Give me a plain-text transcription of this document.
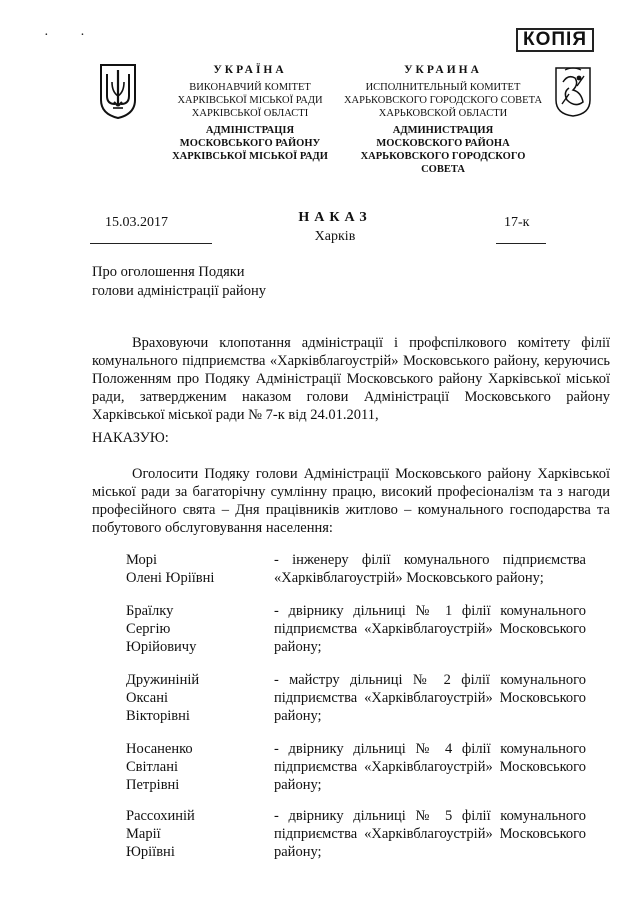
· ·	КОПІЯ
УКРАЇНА
ВИКОНАВЧИЙ КОМІТЕТ
ХАРКІВСЬКОЇ МІСЬКОЇ РАДИ
ХАРКІВСЬКОЇ ОБЛАСТІ
АДМІНІСТРАЦІЯ
МОСКОВСЬКОГО РАЙОНУ
ХАРКІВСЬКОЇ МІСЬКОЇ РАДИ
УКРАИНА
ИСПОЛНИТЕЛЬНЫЙ КОМИТЕТ
ХАРЬКОВСКОГО ГОРОДСКОГО СОВЕТА
ХАРЬКОВСКОЙ ОБЛАСТИ
АДМИНИСТРАЦИЯ
МОСКОВСКОГО РАЙОНА
ХАРЬКОВСКОГО ГОРОДСКОГО СОВЕТА
15.03.2017	НАКАЗ
Харків
17-к
Про оголошення Подяки
голови адміністрації району
Враховуючи клопотання адміністрації і профспілкового комітету філії комунального підприємства «Харківблагоустрій» Московського району, керуючись Положенням про Подяку Адміністрації Московського району Харківської міської ради, затвердженим наказом голови Адміністрації Московського району Харківської міської ради № 7-к від 24.01.2011,
НАКАЗУЮ:
Оголосити Подяку голови Адміністрації Московського району Харківської міської ради за багаторічну сумлінну працю, високий професіоналізм та з нагоди професійного свята – Дня працівників житлово – комунального господарства та побутового обслуговування населення:
Морі
Олені Юріївні
- інженеру філії комунального підприємства «Харківблагоустрій» Московського району;
Браїлку
Сергію
Юрійовичу
- двірнику дільниці № 1 філії комунального підприємства «Харківблагоустрій» Московського району;
Дружиніній
Оксані
Вікторівні
- майстру дільниці № 2 філії комунального підприємства «Харківблагоустрій» Московського району;
Носаненко
Світлані
Петрівні
- двірнику дільниці № 4 філії комунального підприємства «Харківблагоустрій» Московського району;
Рассохиній
Марії
Юріївні
- двірнику дільниці № 5 філії комунального підприємства «Харківблагоустрій» Московського району;
